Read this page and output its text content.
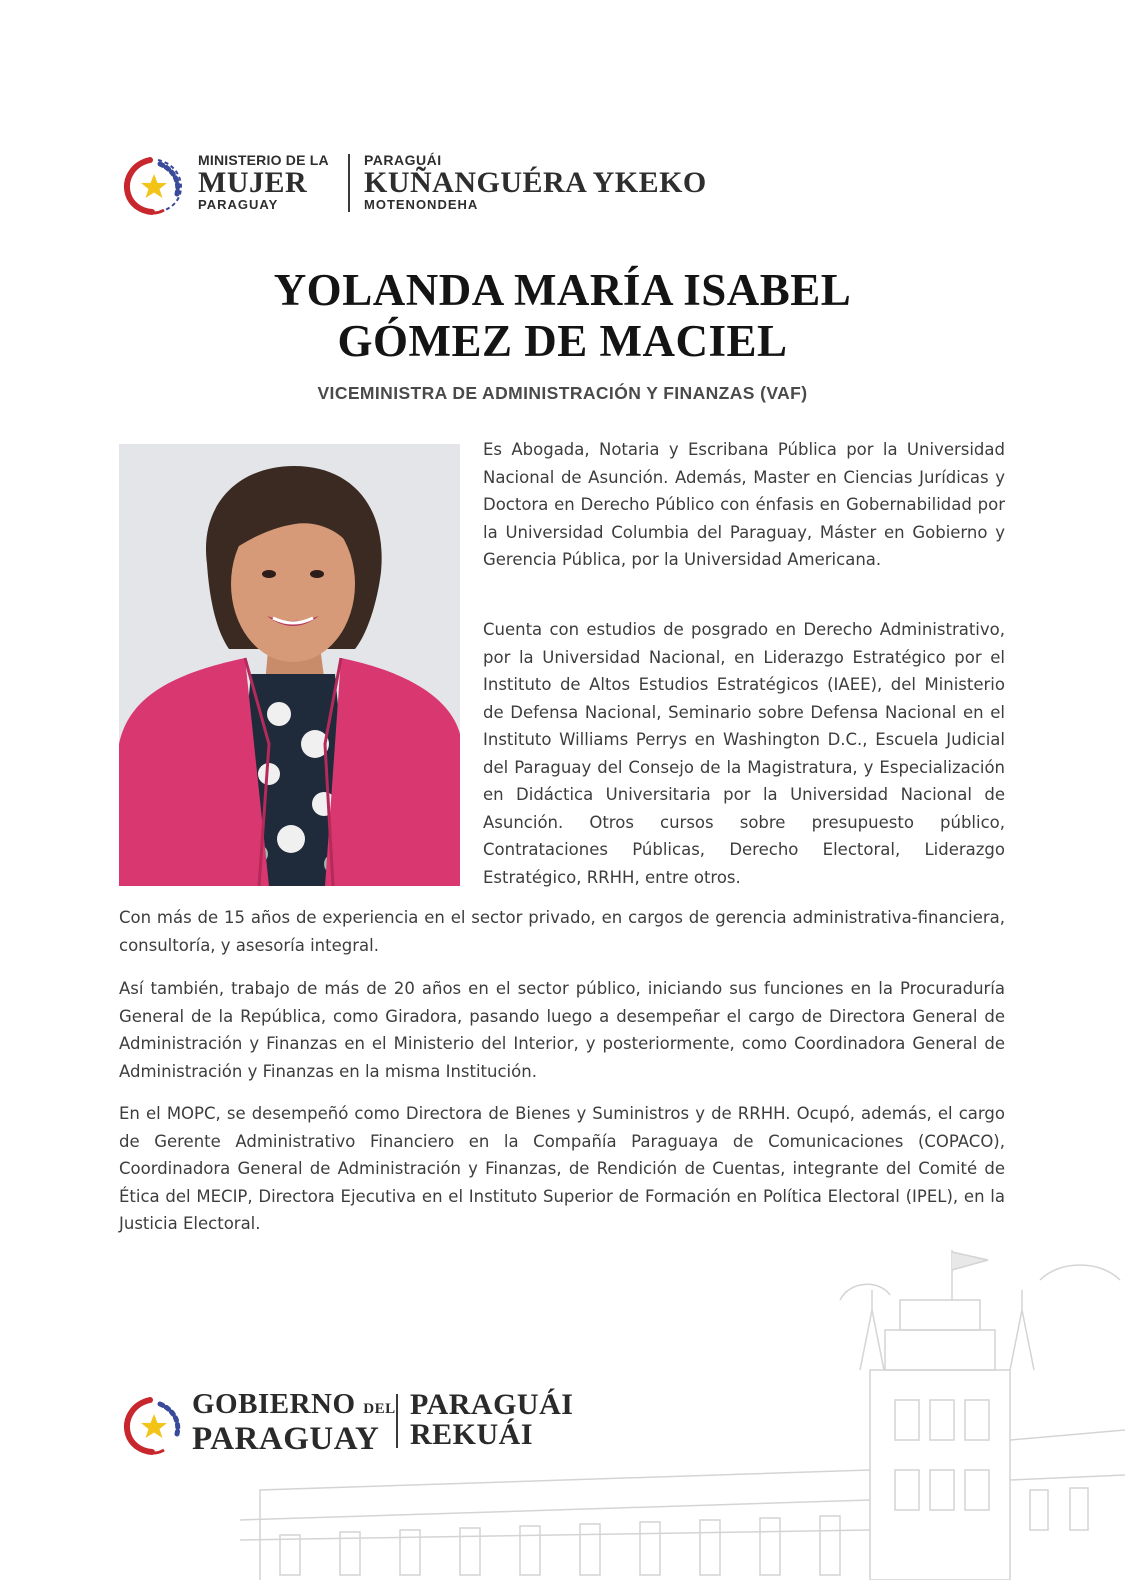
MINISTERIO DE LA
MUJER
PARAGUAY
PARAGUÁI
KUÑANGUÉRA YKEKO
MOTENONDEHA
YOLANDA MARÍA ISABEL
GÓMEZ DE MACIEL
VICEMINISTRA DE ADMINISTRACIÓN Y FINANZAS (VAF)

Es Abogada, Notaria y Escribana Pública por la Universidad Nacional de Asunción. Además, Master en Ciencias Jurídicas y Doctora en Derecho Público con énfasis en Gobernabilidad por la Universidad Columbia del Paraguay, Máster en Gobierno y Gerencia Pública, por la Universidad Americana.

Cuenta con estudios de posgrado en Derecho Administrativo, por la Universidad Nacional, en Liderazgo Estratégico por el Instituto de Altos Estudios Estratégicos (IAEE), del Ministerio de Defensa Nacional, Seminario sobre Defensa Nacional en el Instituto Williams Perrys en Washington D.C., Escuela Judicial del Paraguay del Consejo de la Magistratura, y Especialización en Didáctica Universitaria por la Universidad Nacional de Asunción. Otros cursos sobre presupuesto público, Contrataciones Públicas, Derecho Electoral, Liderazgo Estratégico, RRHH, entre otros.

Con más de 15 años de experiencia en el sector privado, en cargos de gerencia administrativa-financiera, consultoría, y asesoría integral.

Así también, trabajo de más de 20 años en el sector público, iniciando sus funciones en la Procuraduría General de la República, como Giradora, pasando luego a desempeñar el cargo de Directora General de Administración y Finanzas en el Ministerio del Interior, y posteriormente, como Coordinadora General de Administración y Finanzas en la misma Institución.

En el MOPC, se desempeñó como Directora de Bienes y Suministros y de RRHH. Ocupó, además, el cargo de Gerente Administrativo Financiero en la Compañía Paraguaya de Comunicaciones (COPACO), Coordinadora General de Administración y Finanzas, de Rendición de Cuentas, integrante del Comité de Ética del MECIP, Directora Ejecutiva en el Instituto Superior de Formación en Política Electoral (IPEL), en la Justicia Electoral.

GOBIERNO DEL
PARAGUAY
PARAGUÁI
REKUÁI
